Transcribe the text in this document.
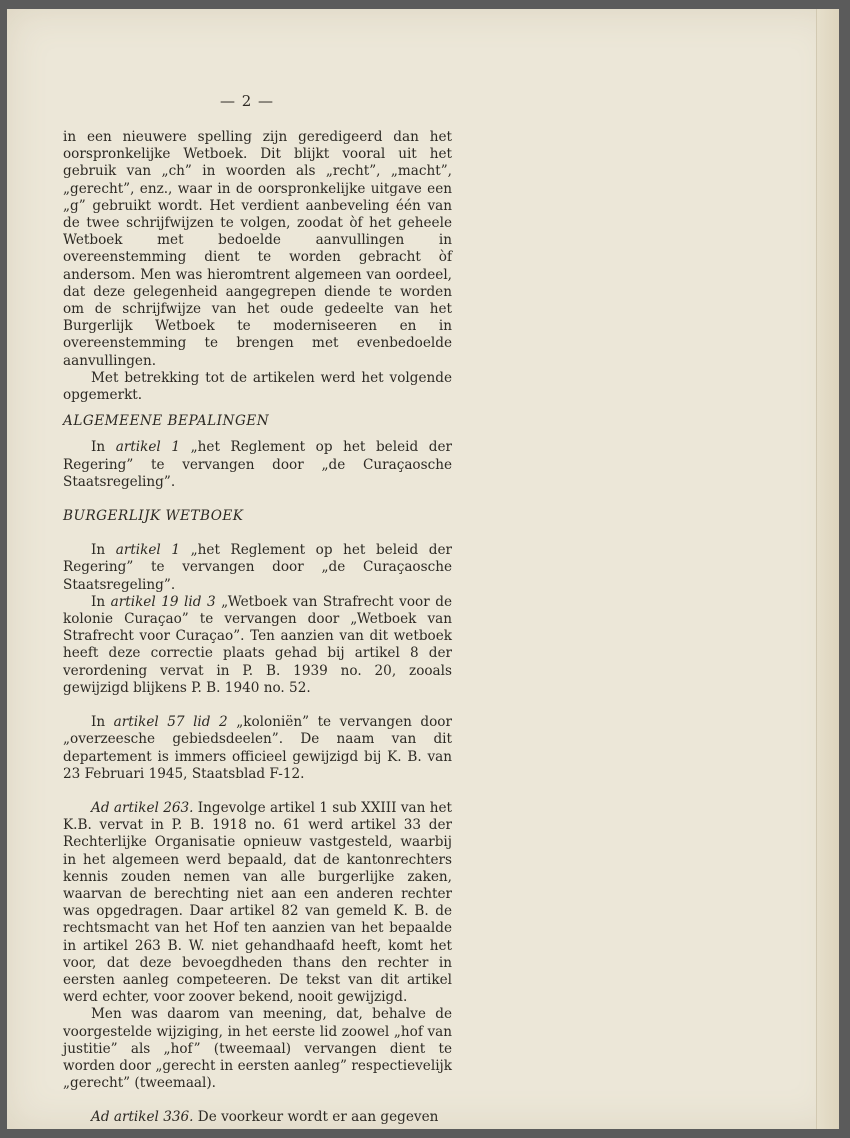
— 2 —

in een nieuwere spelling zijn geredigeerd dan het oorspronkelijke Wetboek. Dit blijkt vooral uit het gebruik van „ch” in woorden als „recht”, „macht”, „gerecht”, enz., waar in de oorspronkelijke uitgave een „g” gebruikt wordt. Het verdient aanbeveling één van de twee schrijfwijzen te volgen, zoodat òf het geheele Wetboek met bedoelde aanvullingen in overeenstemming dient te worden gebracht òf andersom. Men was hieromtrent algemeen van oordeel, dat deze gelegenheid aangegrepen diende te worden om de schrijfwijze van het oude gedeelte van het Burgerlijk Wetboek te moderniseeren en in overeenstemming te brengen met evenbedoelde aanvullingen.

Met betrekking tot de artikelen werd het volgende opgemerkt.

ALGEMEENE BEPALINGEN

In artikel 1 „het Reglement op het beleid der Regering” te vervangen door „de Curaçaosche Staatsregeling”.

BURGERLIJK WETBOEK

In artikel 1 „het Reglement op het beleid der Regering” te vervangen door „de Curaçaosche Staatsregeling”.

In artikel 19 lid 3 „Wetboek van Strafrecht voor de kolonie Curaçao” te vervangen door „Wetboek van Strafrecht voor Curaçao”. Ten aanzien van dit wetboek heeft deze correctie plaats gehad bij artikel 8 der verordening vervat in P. B. 1939 no. 20, zooals gewijzigd blijkens P. B. 1940 no. 52.

In artikel 57 lid 2 „koloniën” te vervangen door „overzeesche gebiedsdeelen”. De naam van dit departement is immers officieel gewijzigd bij K. B. van 23 Februari 1945, Staatsblad F-12.

Ad artikel 263. Ingevolge artikel 1 sub XXIII van het K.B. vervat in P. B. 1918 no. 61 werd artikel 33 der Rechterlijke Organisatie opnieuw vastgesteld, waarbij in het algemeen werd bepaald, dat de kantonrechters kennis zouden nemen van alle burgerlijke zaken, waarvan de berechting niet aan een anderen rechter was opgedragen. Daar artikel 82 van gemeld K. B. de rechtsmacht van het Hof ten aanzien van het bepaalde in artikel 263 B. W. niet gehandhaafd heeft, komt het voor, dat deze bevoegdheden thans den rechter in eersten aanleg competeeren. De tekst van dit artikel werd echter, voor zoover bekend, nooit gewijzigd.

Men was daarom van meening, dat, behalve de voorgestelde wijziging, in het eerste lid zoowel „hof van justitie” als „hof” (tweemaal) vervangen dient te worden door „gerecht in eersten aanleg” respectievelijk „gerecht” (tweemaal).

Ad artikel 336. De voorkeur wordt er aan gegeven
